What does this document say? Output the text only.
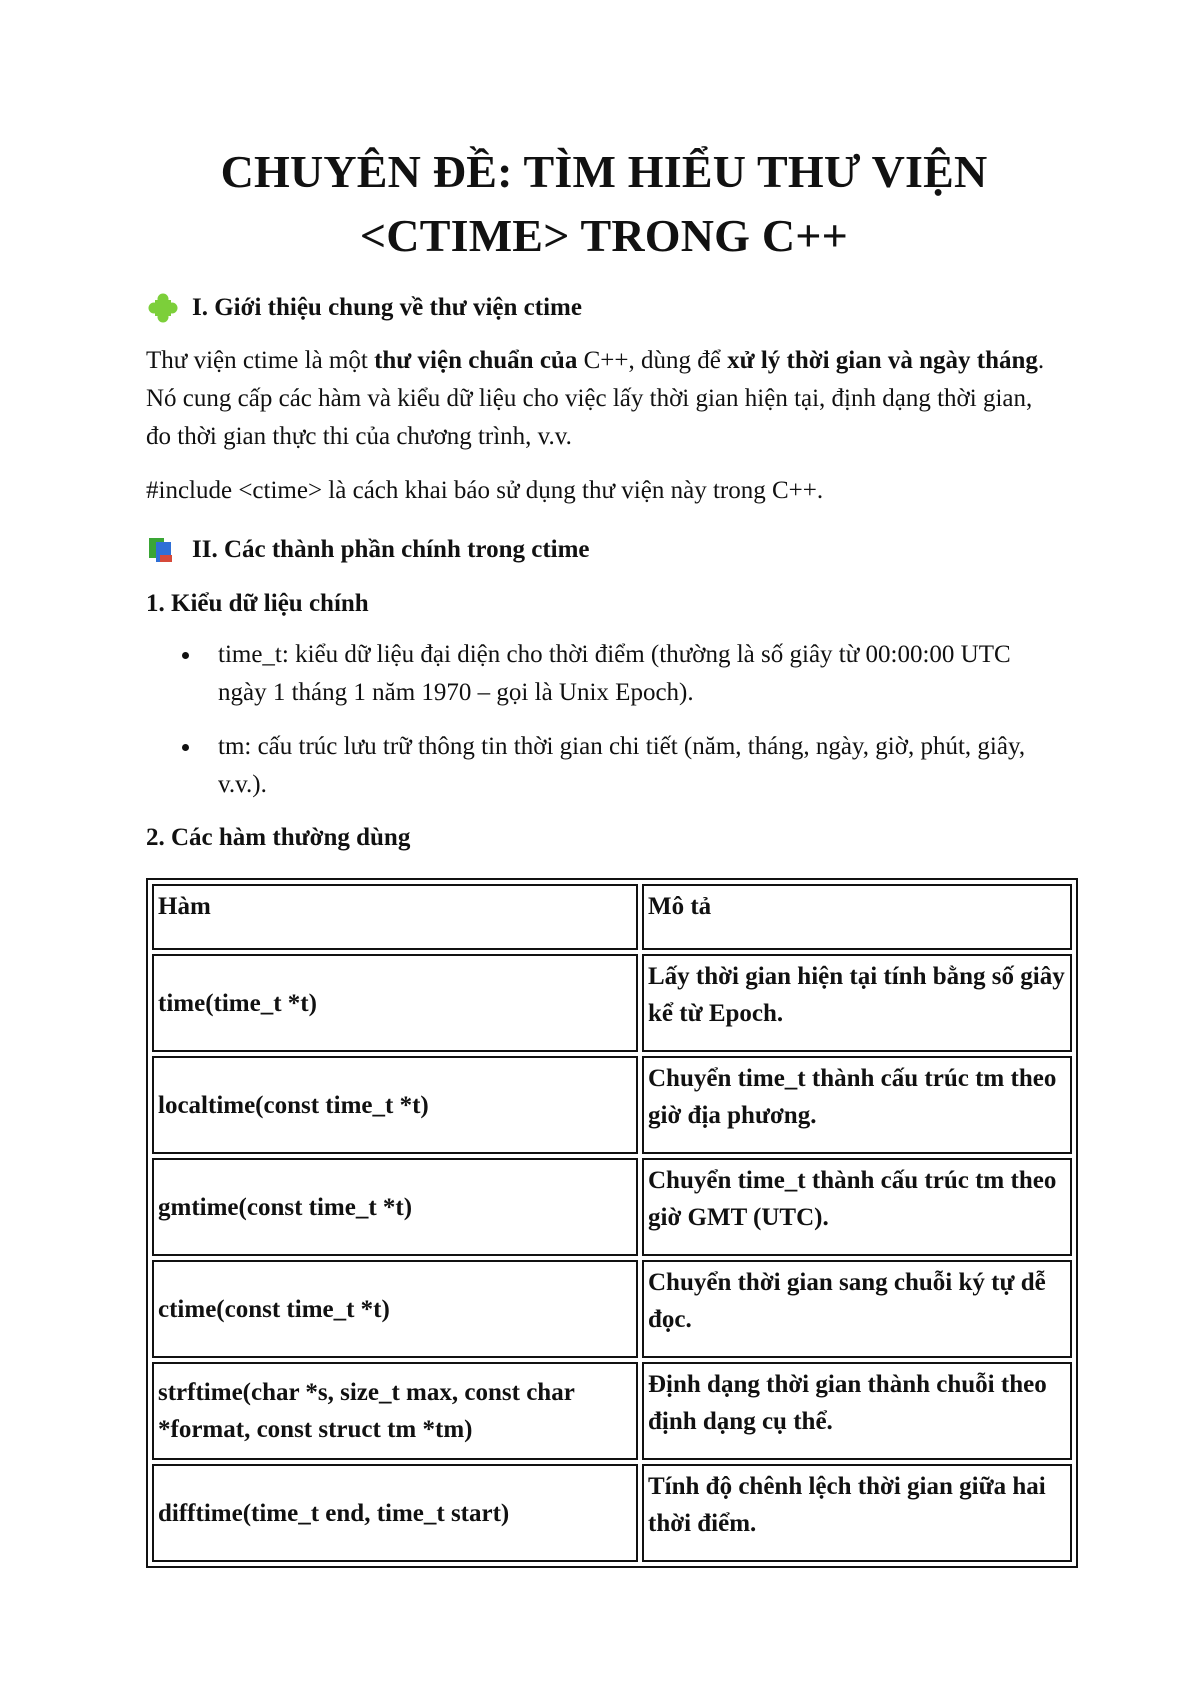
CHUYÊN ĐỀ: TÌM HIỂU THƯ VIỆN
<CTIME> TRONG C++
I. Giới thiệu chung về thư viện ctime

Thư viện ctime là một thư viện chuẩn của C++, dùng để xử lý thời gian và ngày tháng. Nó cung cấp các hàm và kiểu dữ liệu cho việc lấy thời gian hiện tại, định dạng thời gian, đo thời gian thực thi của chương trình, v.v.

#include <ctime> là cách khai báo sử dụng thư viện này trong C++.

II. Các thành phần chính trong ctime
1. Kiểu dữ liệu chính
time_t: kiểu dữ liệu đại diện cho thời điểm (thường là số giây từ 00:00:00 UTC ngày 1 tháng 1 năm 1970 – gọi là Unix Epoch).
tm: cấu trúc lưu trữ thông tin thời gian chi tiết (năm, tháng, ngày, giờ, phút, giây, v.v.).
2. Các hàm thường dùng
Hàm	Mô tả
time(time_t *t)	Lấy thời gian hiện tại tính bằng số giây kể từ Epoch.
localtime(const time_t *t)	Chuyển time_t thành cấu trúc tm theo giờ địa phương.
gmtime(const time_t *t)	Chuyển time_t thành cấu trúc tm theo giờ GMT (UTC).
ctime(const time_t *t)	Chuyển thời gian sang chuỗi ký tự dễ đọc.
strftime(char *s, size_t max, const char *format, const struct tm *tm)	Định dạng thời gian thành chuỗi theo định dạng cụ thể.
difftime(time_t end, time_t start)	Tính độ chênh lệch thời gian giữa hai thời điểm.
